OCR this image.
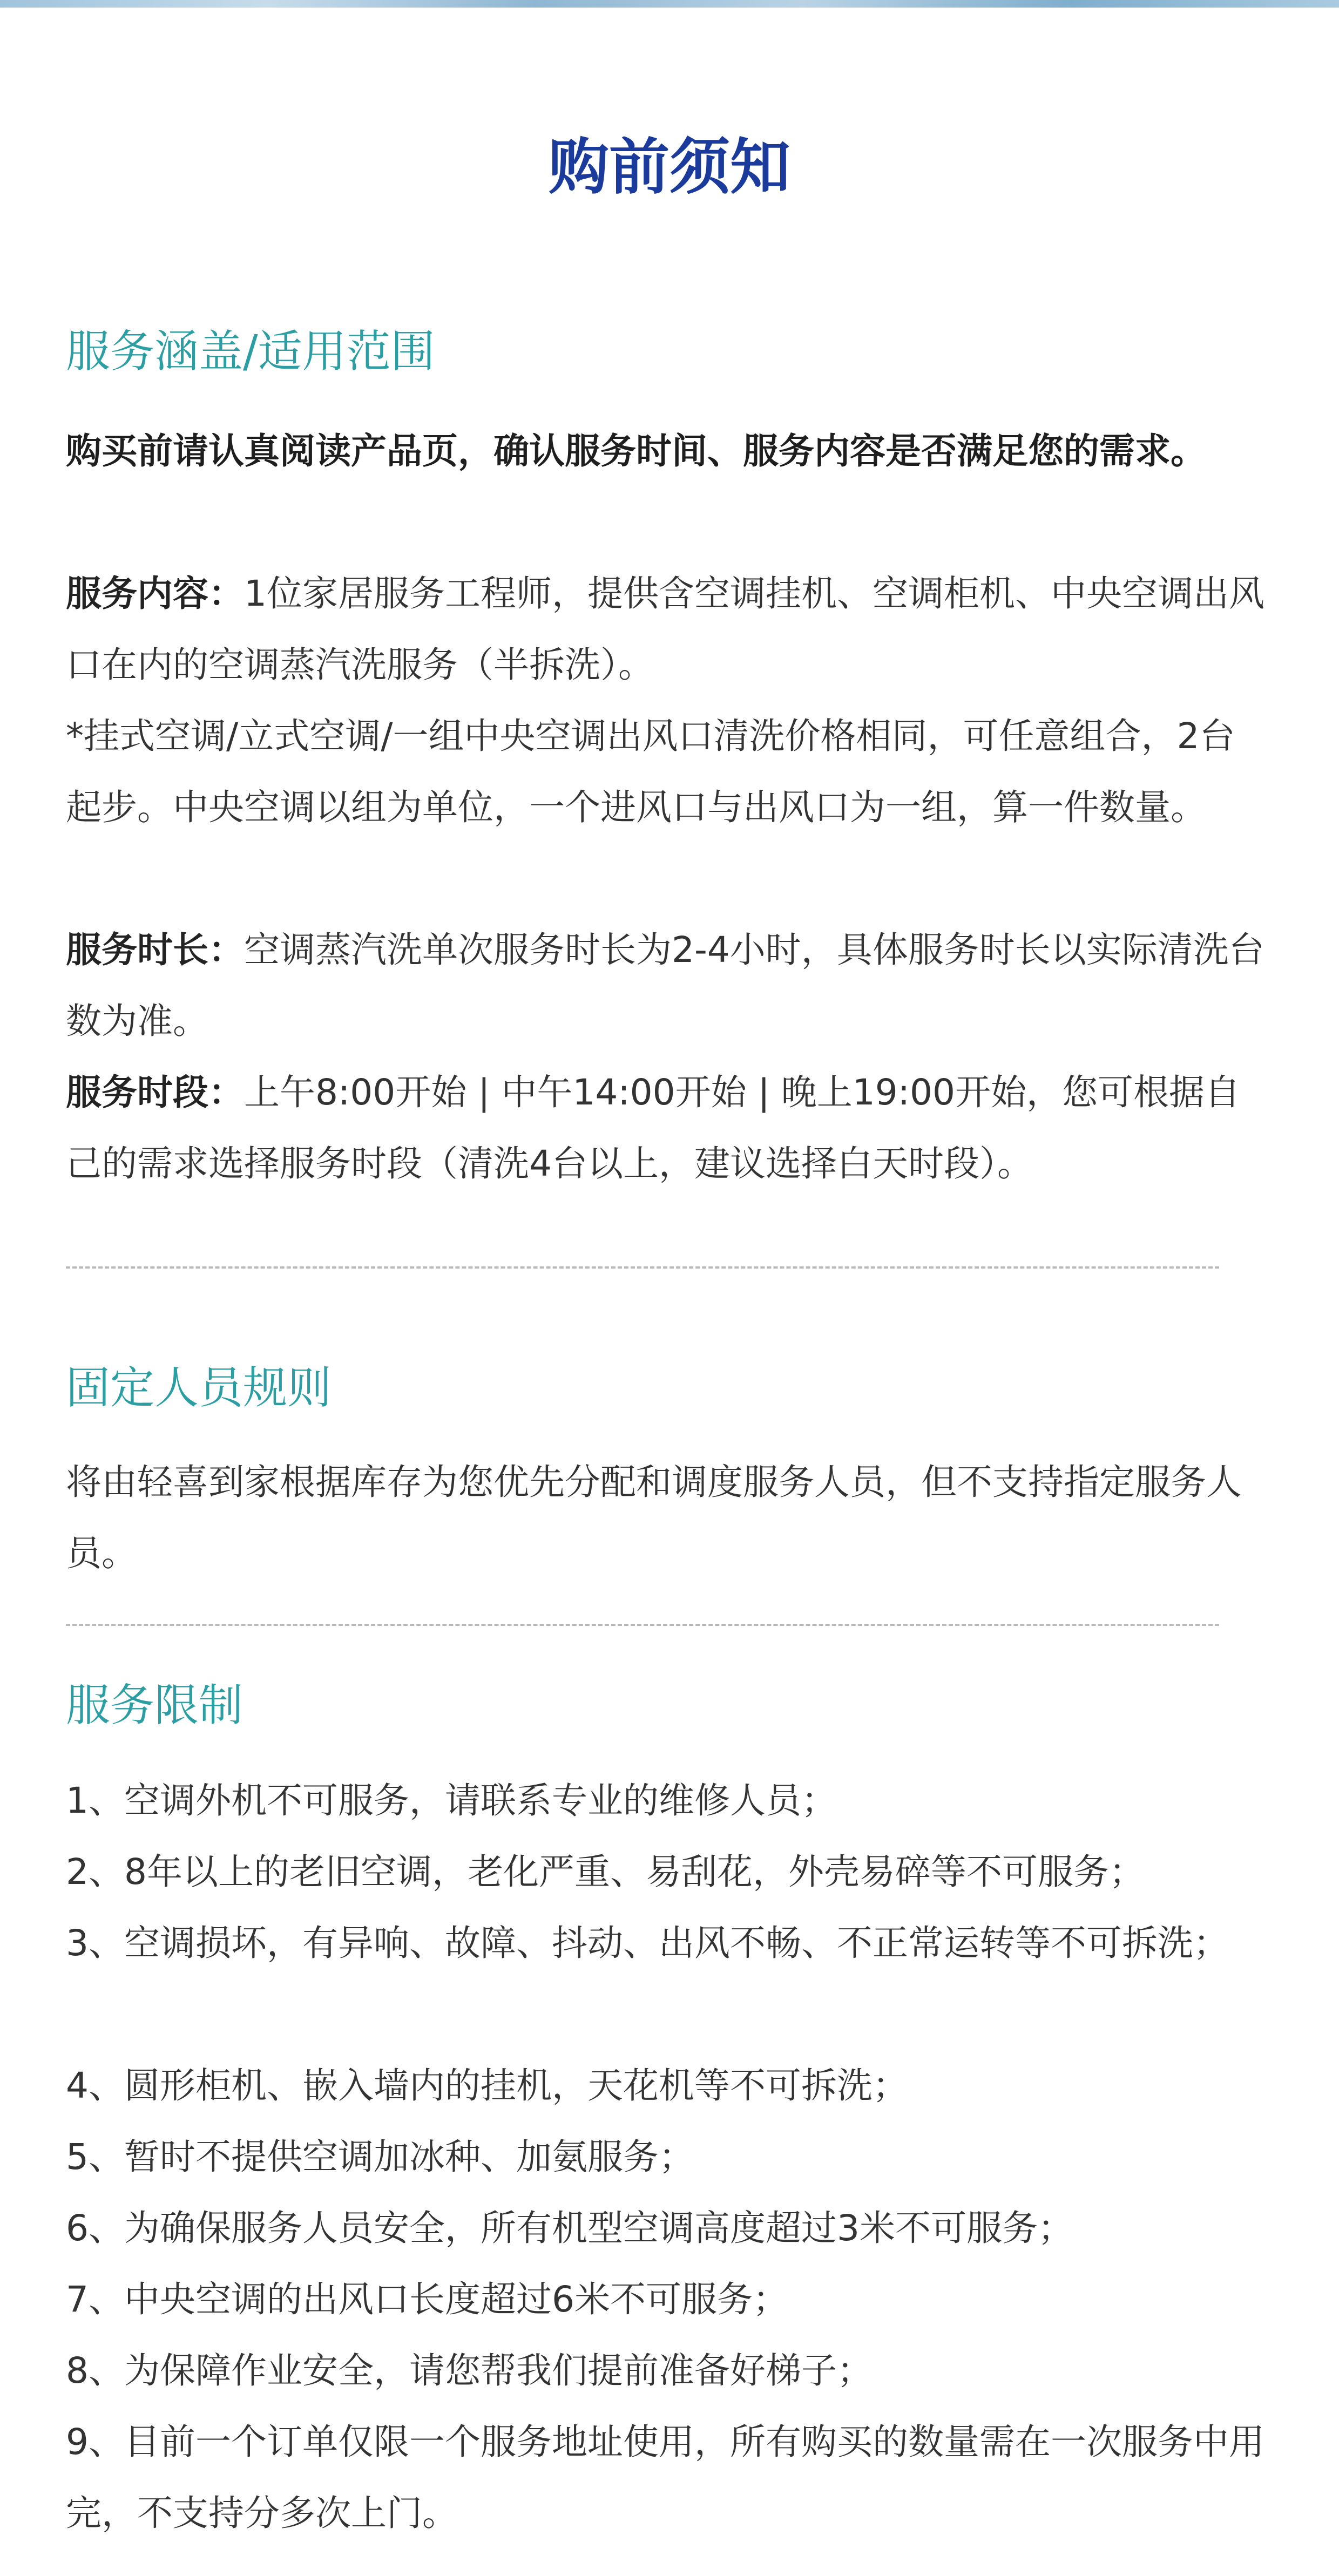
购前须知
服务涵盖/适用范围
购买前请认真阅读产品页，确认服务时间、服务内容是否满足您的需求。
服务内容：1位家居服务工程师，提供含空调挂机、空调柜机、中央空调出风口在内的空调蒸汽洗服务（半拆洗）。
*挂式空调/立式空调/一组中央空调出风口清洗价格相同，可任意组合，2台起步。中央空调以组为单位，一个进风口与出风口为一组，算一件数量。
服务时长：空调蒸汽洗单次服务时长为2-4小时，具体服务时长以实际清洗台数为准。
服务时段：上午8:00开始 | 中午14:00开始 | 晚上19:00开始，您可根据自己的需求选择服务时段（清洗4台以上，建议选择白天时段）。
固定人员规则
将由轻喜到家根据库存为您优先分配和调度服务人员，但不支持指定服务人员。
服务限制
1、空调外机不可服务，请联系专业的维修人员；
2、8年以上的老旧空调，老化严重、易刮花，外壳易碎等不可服务；
3、空调损坏，有异响、故障、抖动、出风不畅、不正常运转等不可拆洗；
4、圆形柜机、嵌入墙内的挂机，天花机等不可拆洗；
5、暂时不提供空调加冰种、加氨服务；
6、为确保服务人员安全，所有机型空调高度超过3米不可服务；
7、中央空调的出风口长度超过6米不可服务；
8、为保障作业安全，请您帮我们提前准备好梯子；
9、目前一个订单仅限一个服务地址使用，所有购买的数量需在一次服务中用完，不支持分多次上门。
